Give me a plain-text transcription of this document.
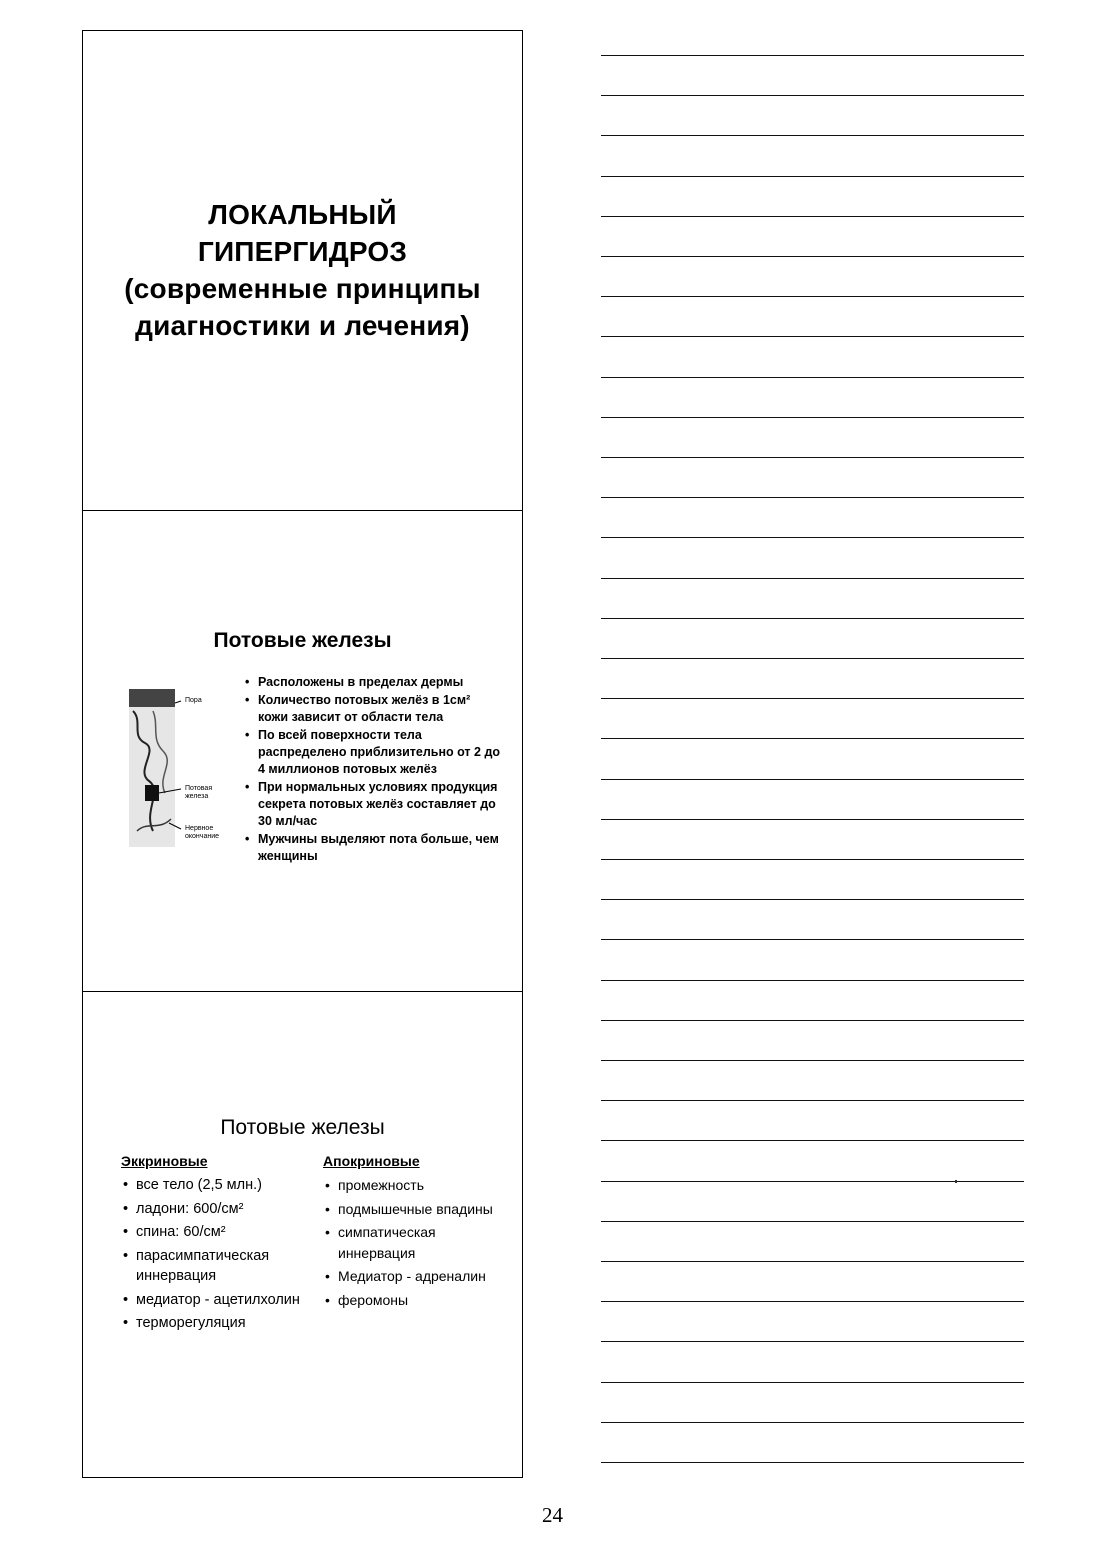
ЛОКАЛЬНЫЙ
ГИПЕРГИДРОЗ
(современные принципы
диагностики и лечения)
Потовые железы
Пора
Потовая железа
Нервное окончание
• Расположены в пределах дермы
• Количество потовых желёз в 1см² кожи зависит от области тела
• По всей поверхности тела распределено приблизительно от 2 до 4 миллионов потовых желёз
• При нормальных условиях продукция секрета потовых желёз составляет до 30 мл/час
• Мужчины выделяют пота больше, чем женщины
Потовые железы
Эккриновые
• все тело (2,5 млн.)
• ладони: 600/см²
• спина: 60/см²
• парасимпатическая иннервация
• медиатор - ацетилхолин
• терморегуляция
Апокриновые
• промежность
• подмышечные впадины
• симпатическая иннервация
• Медиатор - адреналин
• феромоны
24
